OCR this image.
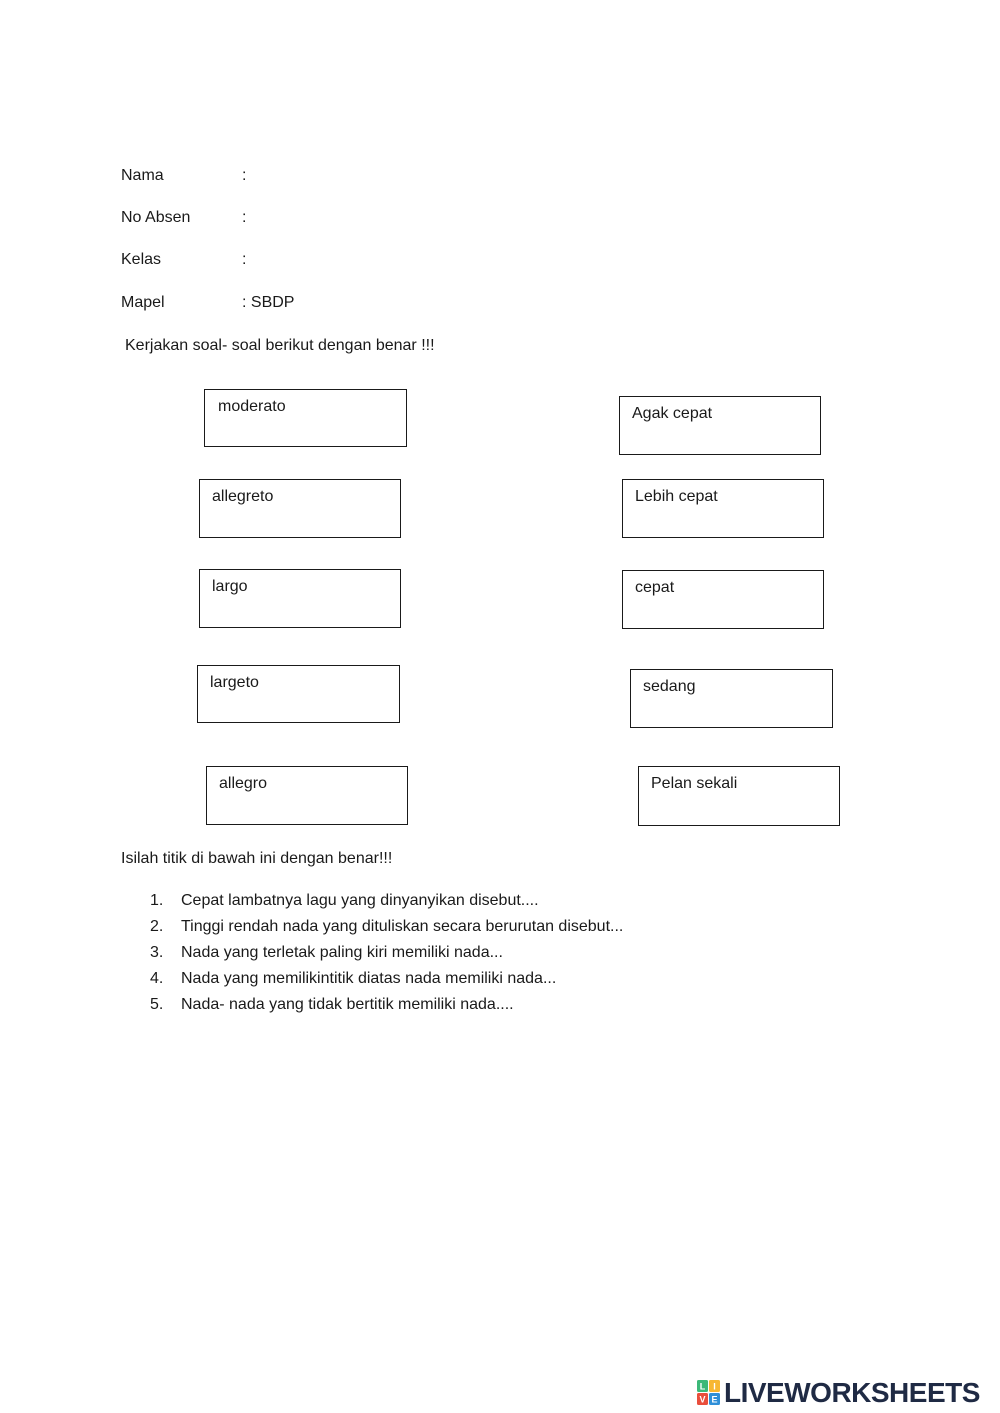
Nama	:
No Absen	:
Kelas	:
Mapel	: SBDP
Kerjakan soal- soal berikut dengan benar !!!
moderato
allegreto
largo
largeto
allegro
Agak cepat
Lebih cepat
cepat
sedang
Pelan sekali
Isilah titik di bawah ini dengan benar!!!
1. Cepat lambatnya lagu yang dinyanyikan disebut....
2. Tinggi rendah nada yang dituliskan secara berurutan disebut...
3. Nada yang terletak paling kiri memiliki nada...
4. Nada yang memilikintitik diatas nada memiliki nada...
5. Nada- nada yang tidak bertitik memiliki nada....
L I
V E LIVEWORKSHEETS
